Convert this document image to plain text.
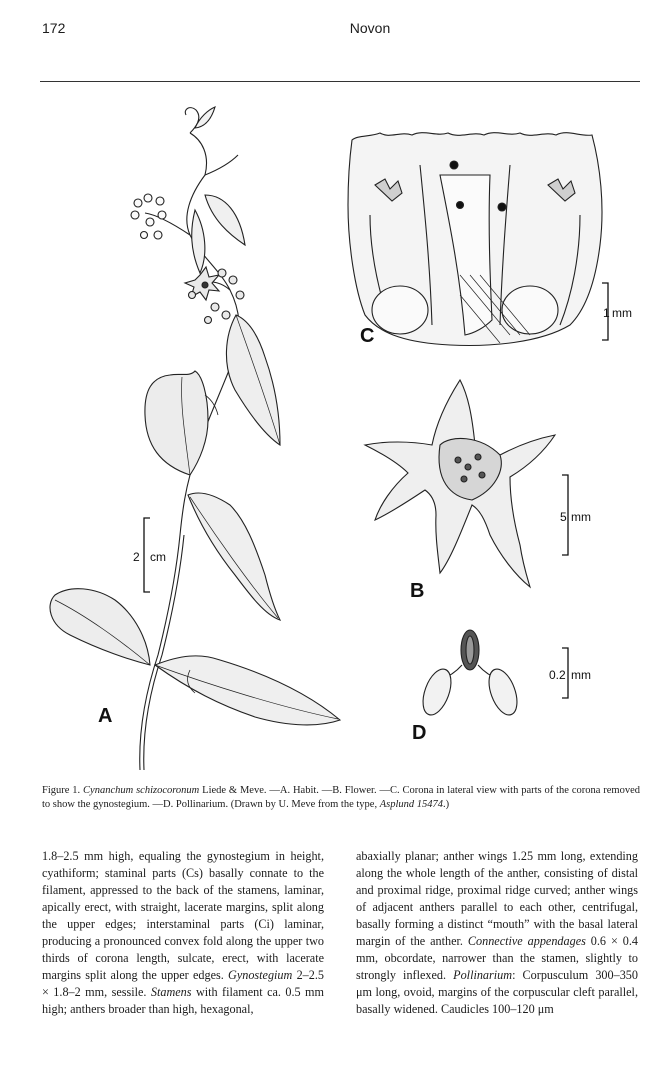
172	Novon
2 cm
A
1 mm
C
5 mm
B
0.2 mm
D
Figure 1. Cynanchum schizocoronum Liede & Meve. —A. Habit. —B. Flower. —C. Corona in lateral view with parts of the corona removed to show the gynostegium. —D. Pollinarium. (Drawn by U. Meve from the type, Asplund 15474.)
1.8–2.5 mm high, equaling the gynostegium in height, cyathiform; staminal parts (Cs) basally connate to the filament, appressed to the back of the stamens, laminar, apically erect, with straight, lacerate margins, split along the upper edges; interstaminal parts (Ci) laminar, producing a pronounced convex fold along the upper two thirds of corona length, sulcate, erect, with lacerate margins split along the upper edges. Gynostegium 2–2.5 × 1.8–2 mm, sessile. Stamens with filament ca. 0.5 mm high; anthers broader than high, hexagonal,
abaxially planar; anther wings 1.25 mm long, extending along the whole length of the anther, consisting of distal and proximal ridge, proximal ridge curved; anther wings of adjacent anthers parallel to each other, centrifugal, basally forming a distinct “mouth” with the basal lateral margin of the anther. Connective appendages 0.6 × 0.4 mm, obcordate, narrower than the stamen, slightly to strongly inflexed. Pollinarium: Corpusculum 300–350 μm long, ovoid, margins of the corpuscular cleft parallel, basally widened. Caudicles 100–120 μm
